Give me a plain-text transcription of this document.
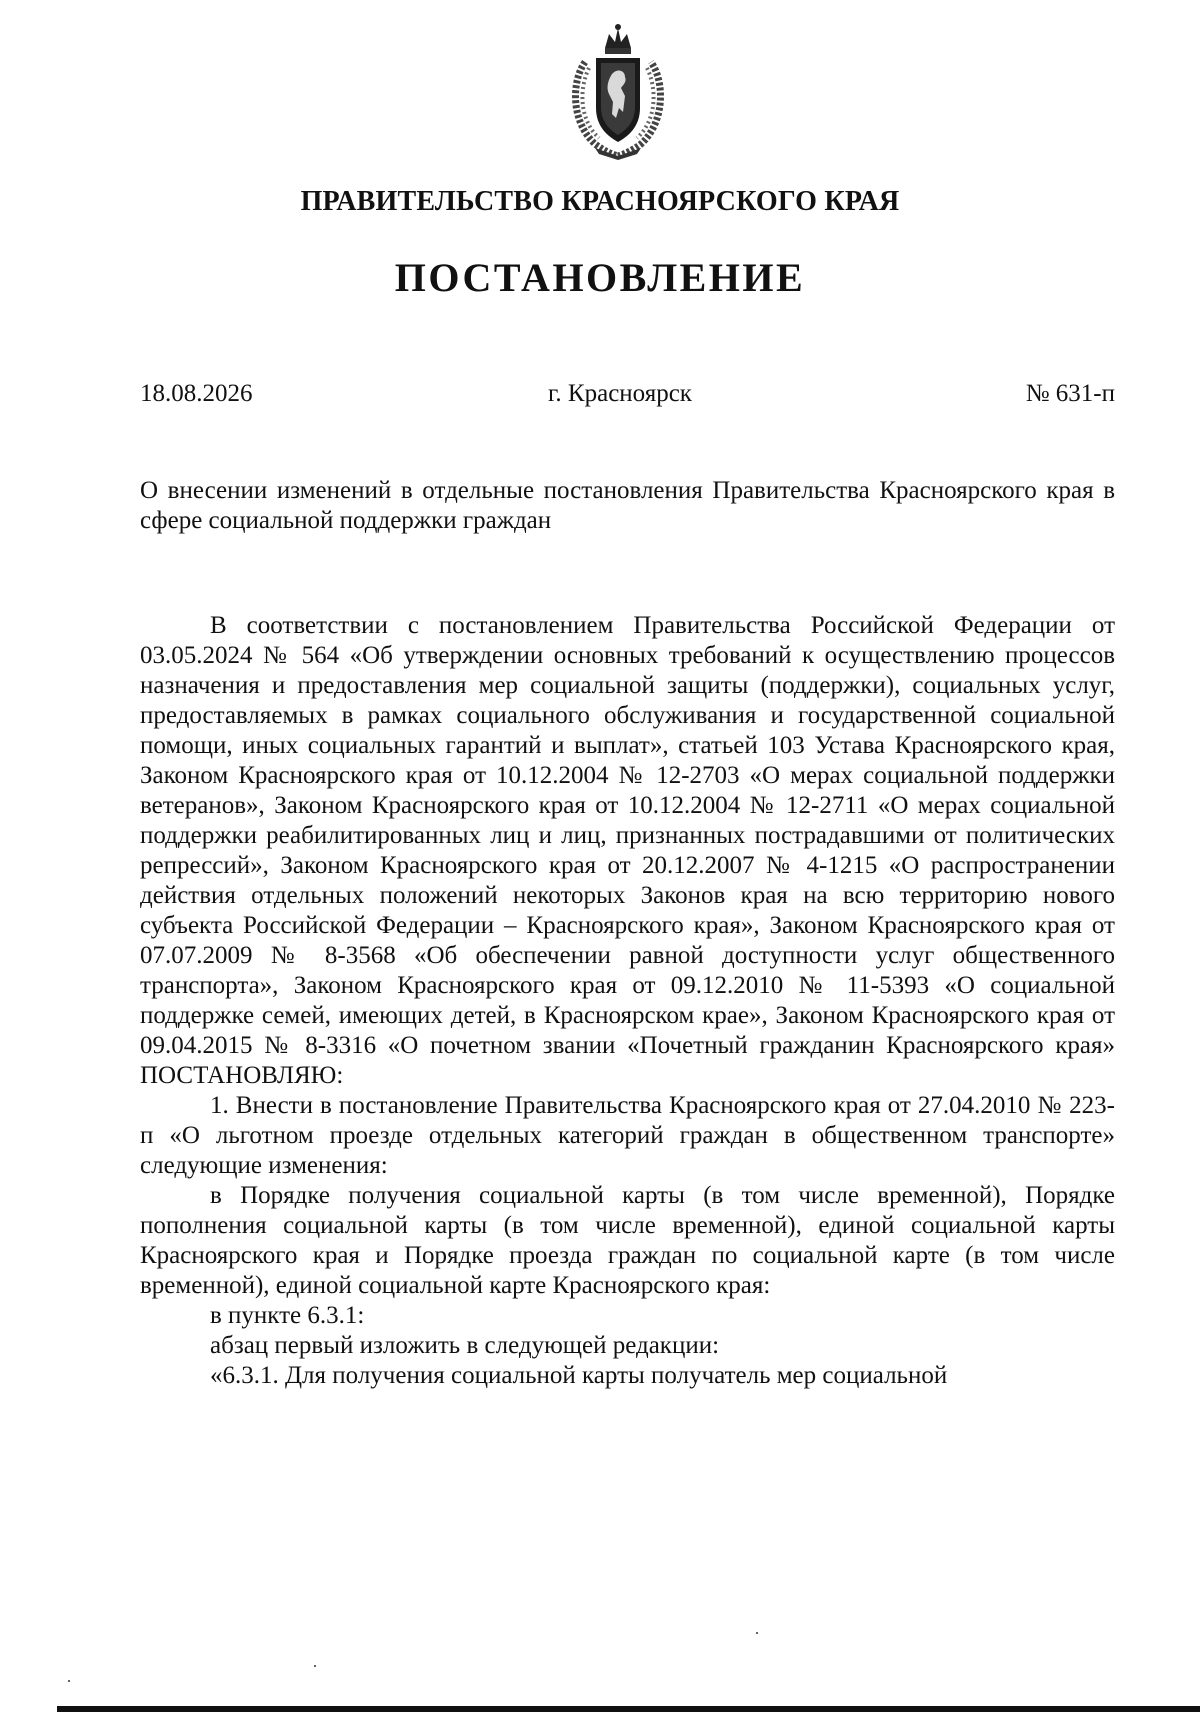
ПРАВИТЕЛЬСТВО КРАСНОЯРСКОГО КРАЯ
ПОСТАНОВЛЕНИЕ
18.08.2026	г. Красноярск	№ 631-п
О внесении изменений в отдельные постановления Правительства Красноярского края в сфере социальной поддержки граждан

В соответствии с постановлением Правительства Российской Федерации от 03.05.2024 № 564 «Об утверждении основных требований к осуществлению процессов назначения и предоставления мер социальной защиты (поддержки), социальных услуг, предоставляемых в рамках социального обслуживания и государственной социальной помощи, иных социальных гарантий и выплат», статьей 103 Устава Красноярского края, Законом Красноярского края от 10.12.2004 № 12-2703 «О мерах социальной поддержки ветеранов», Законом Красноярского края от 10.12.2004 № 12-2711 «О мерах социальной поддержки реабилитированных лиц и лиц, признанных пострадавшими от политических репрессий», Законом Красноярского края от 20.12.2007 № 4-1215 «О распространении действия отдельных положений некоторых Законов края на всю территорию нового субъекта Российской Федерации – Красноярского края», Законом Красноярского края от 07.07.2009 № 8-3568 «Об обеспечении равной доступности услуг общественного транспорта», Законом Красноярского края от 09.12.2010 № 11-5393 «О социальной поддержке семей, имеющих детей, в Красноярском крае», Законом Красноярского края от 09.04.2015 № 8-3316 «О почетном звании «Почетный гражданин Красноярского края» ПОСТАНОВЛЯЮ:

1. Внести в постановление Правительства Красноярского края от 27.04.2010 № 223-п «О льготном проезде отдельных категорий граждан в общественном транспорте» следующие изменения:

в Порядке получения социальной карты (в том числе временной), Порядке пополнения социальной карты (в том числе временной), единой социальной карты Красноярского края и Порядке проезда граждан по социальной карте (в том числе временной), единой социальной карте Красноярского края:

в пункте 6.3.1:

абзац первый изложить в следующей редакции:

«6.3.1. Для получения социальной карты получатель мер социальной
